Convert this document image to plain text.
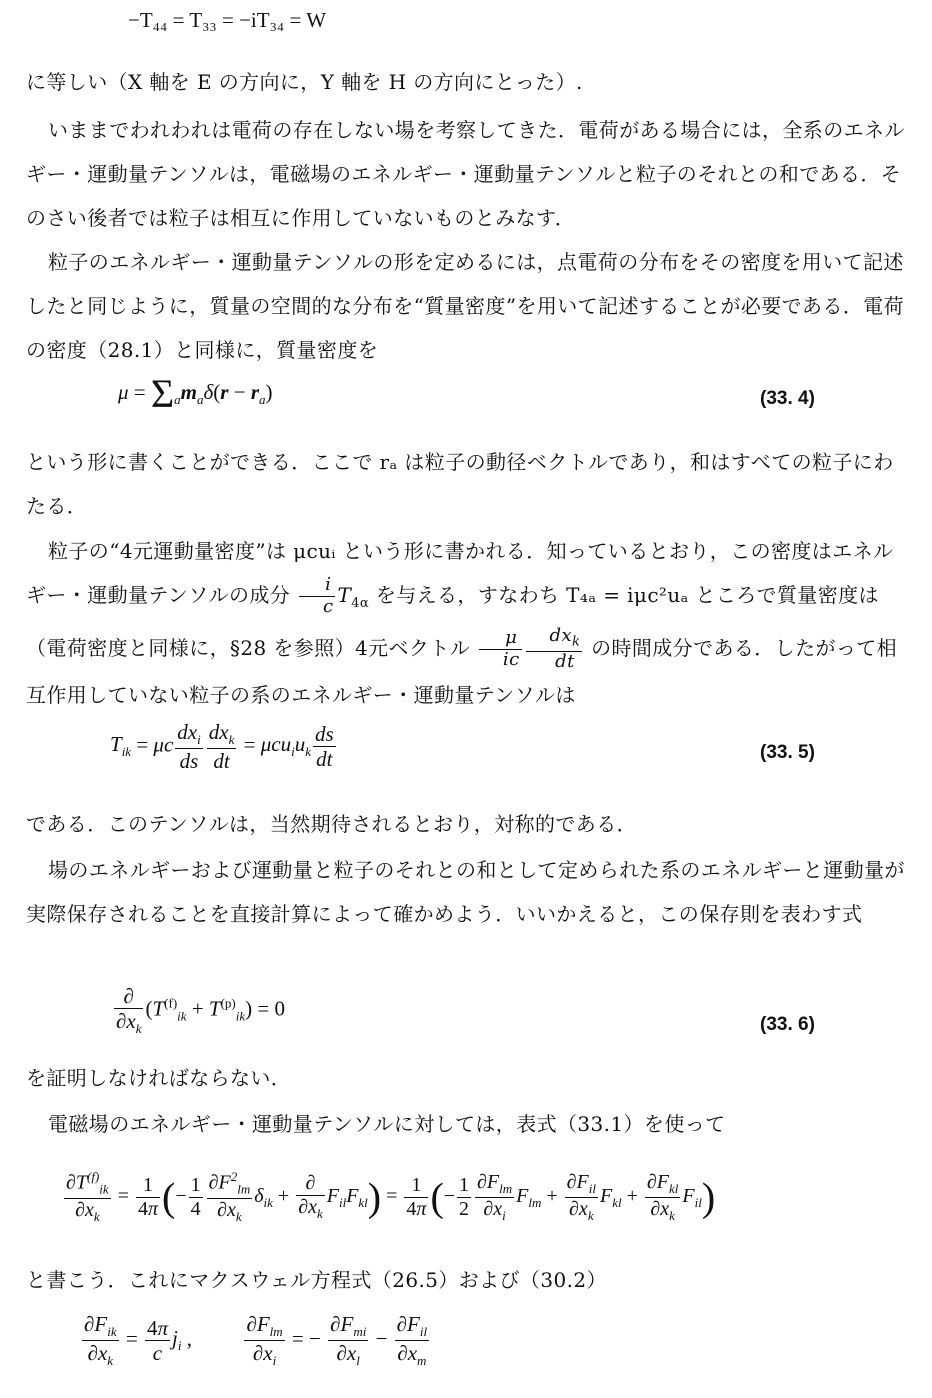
−T₄₄ = T₃₃ = −iT₃₄ = W
に等しい（X 軸を E の方向に，Y 軸を H の方向にとった）.
いままでわれわれは電荷の存在しない場を考察してきた．電荷がある場合には，全系のエネルギー・運動量テンソルは，電磁場のエネルギー・運動量テンソルと粒子のそれとの和である．そのさい後者では粒子は相互に作用していないものとみなす．
粒子のエネルギー・運動量テンソルの形を定めるには，点電荷の分布をその密度を用いて記述したと同じように，質量の空間的な分布を“質量密度”を用いて記述することが必要である．電荷の密度（28.1）と同様に，質量密度を
$\mu = \Sigma_am_a\delta(r - r_a)$	(33. 4)
という形に書くことができる．ここで rₐ は粒子の動径ベクトルであり，和はすべての粒子にわたる．
粒子の“4元運動量密度”は μcuᵢ という形に書かれる．知っているとおり，この密度はエネルギー・運動量テンソルの成分 $\frac{i}{c} T_{4\alpha}$ を与える，すなわち T₄ₐ = iμc²uₐ ところで質量密度は（電荷密度と同様に，§28 を参照）4元ベクトル $\frac{\mu}{ic} \frac{dx_k}{dt}$ の時間成分である．したがって相互作用していない粒子の系のエネルギー・運動量テンソルは
$T_{ik} = \mu c \frac{dx_i}{ds} \frac{dx_k}{dt} = \mu cu_iu_k \frac{ds}{dt}$	(33. 5)
である．このテンソルは，当然期待されるとおり，対称的である．
場のエネルギーおよび運動量と粒子のそれとの和として定められた系のエネルギーと運動量が実際保存されることを直接計算によって確かめよう．いいかえると，この保存則を表わす式
$\frac{\partial}{\partial x_k} (T^{(f)}_{ik} + T^{(p)}_{ik}) = 0$
(33. 6)
を証明しなければならない．
電磁場のエネルギー・運動量テンソルに対しては，表式（33.1）を使って
$\frac{\partial T^{(f)}_{ik}}{\partial x_k} = \frac{1}{4\pi}$ (− $\frac{1}{4} \frac{\partial F^2_{lm}}{\partial x_k} \delta_{ik} + \frac{\partial}{\partial x_k} F_{il}F_{kl}) = \frac{1}{4\pi}$ (− $\frac{1}{2} \frac{\partial F_{lm}}{\partial x_i} F_{lm} + \frac{\partial F_{il}}{\partial x_k} F_{kl} + \frac{\partial F_{kl}}{\partial x_k} F_{il}$)
と書こう．これにマクスウェル方程式（26.5）および（30.2）
$\frac{\partial F_{ik}}{\partial x_k} = \frac{4\pi}{c} j_i$ , $\frac{\partial F_{lm}}{\partial x_i}$ = − $\frac{\partial F_{mi}}{\partial x_l} - \frac{\partial F_{il}}{\partial x_m}$
